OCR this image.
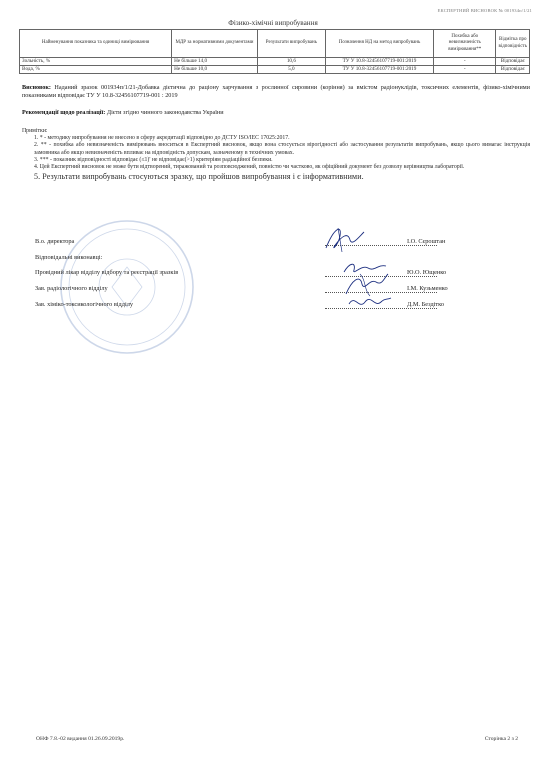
ЕКСПЕРТНИЙ ВИСНОВОК № 001934п/1/21
Фізико-хімічні випробування
Найменування показника та одиниці вимірювання	МДР за нормативними документами	Результати випробувань	Позначення НД на метод випробувань	Похибка або невизначеність вимірювання**	Відмітка про відповідність
Зольність, %	Не більше 14,0	10,6	ТУ У 10.8-32456107719-001:2019	-	Відповідає
Вода, %	Не більше 10,0	5,0	ТУ У 10.8-32456107719-001:2019	-	Відповідає
Висновок: Наданий зразок 001934п/1/21-Добавка дієтична до раціону харчування з рослинної сировини (коріння) за вмістом радіонуклідів, токсичних елементів, фізико-хімічними показниками відповідає ТУ У 10.8-32456107719-001 : 2019
Рекомендації щодо реалізації: Дієти згідно чинного законодавства України
Примітки:
1. * - методику випробування не внесено в сферу акредитації відповідно до ДСТУ ISO/IEC 17025:2017.
2. ** - похибка або невизначеність вимірювань вноситься в Експертний висновок, якщо вона стосується вірогідності або застосування результатів випробувань, якщо цього вимагає інструкція замовника або якщо невизначеність впливає на відповідність допускам, зазначеному в технічних умовах.
3. *** - показник відповідності відповідає (≤1)' не відповідає(>1) критеріям радіаційної безпеки.
4. Цей Експертний висновок не може бути відтворений, тиражований та розповсюджений, повністю чи частково, як офіційний документ без дозволу керівництва лабораторії.
5. Результати випробувань стосуються зразку, що пройшов випробування і є інформативними.
В.о. директора	І.О. Сєроштан
Відповідальні виконавці:
Провідний лікар відділу відбору та реєстрації зразків	Ю.О. Ющенко
Зав. радіологічного відділу	І.М. Кузьменко
Зав. хіміко-токсикологічного відділу	Д.М. Бездітко
ОНФ 7.8.-02 видання 01.26.09.2019р.	Сторінка 2 з 2
